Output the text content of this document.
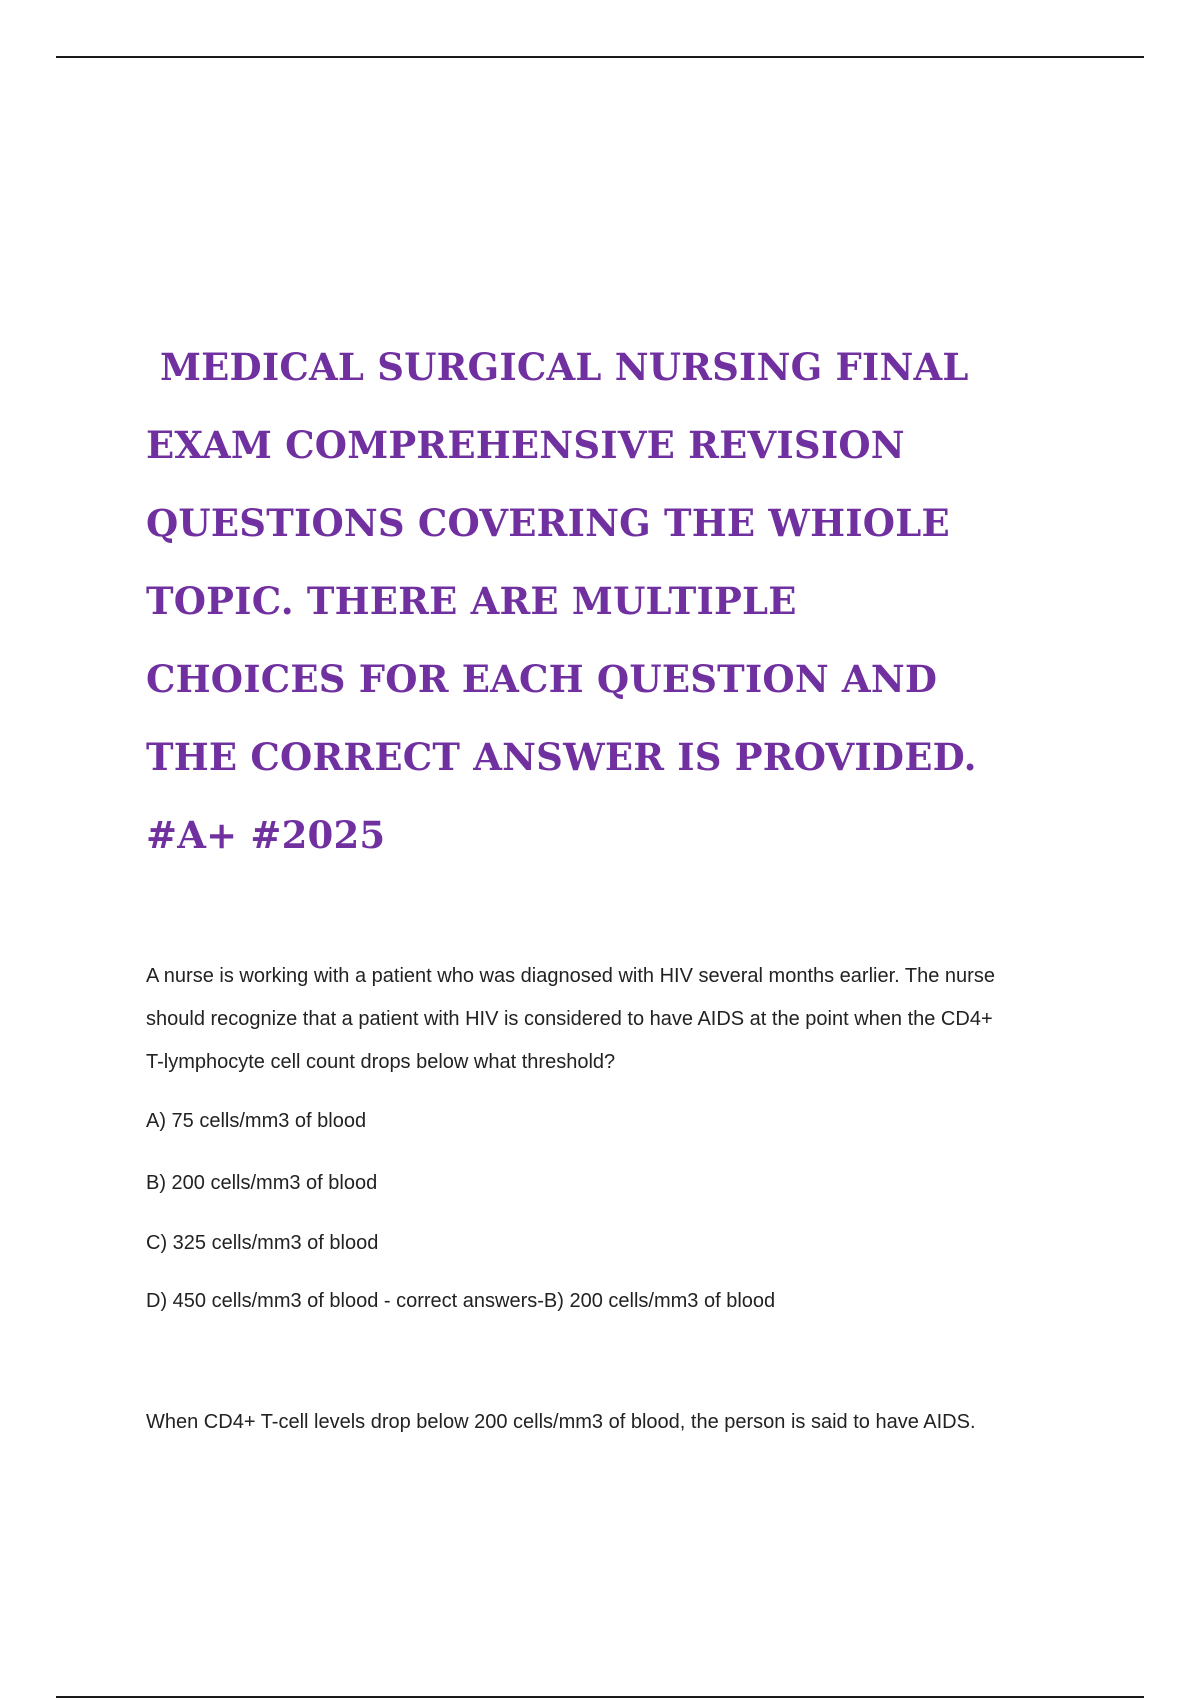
MEDICAL SURGICAL NURSING FINAL
EXAM COMPREHENSIVE REVISION
QUESTIONS COVERING THE WHIOLE
TOPIC. THERE ARE MULTIPLE
CHOICES FOR EACH QUESTION AND
THE CORRECT ANSWER IS PROVIDED.
#A+ #2025
A nurse is working with a patient who was diagnosed with HIV several months earlier. The nurse
should recognize that a patient with HIV is considered to have AIDS at the point when the CD4+
T-lymphocyte cell count drops below what threshold?
A) 75 cells/mm3 of blood
B) 200 cells/mm3 of blood
C) 325 cells/mm3 of blood
D) 450 cells/mm3 of blood - correct answers-B) 200 cells/mm3 of blood
When CD4+ T-cell levels drop below 200 cells/mm3 of blood, the person is said to have AIDS.
